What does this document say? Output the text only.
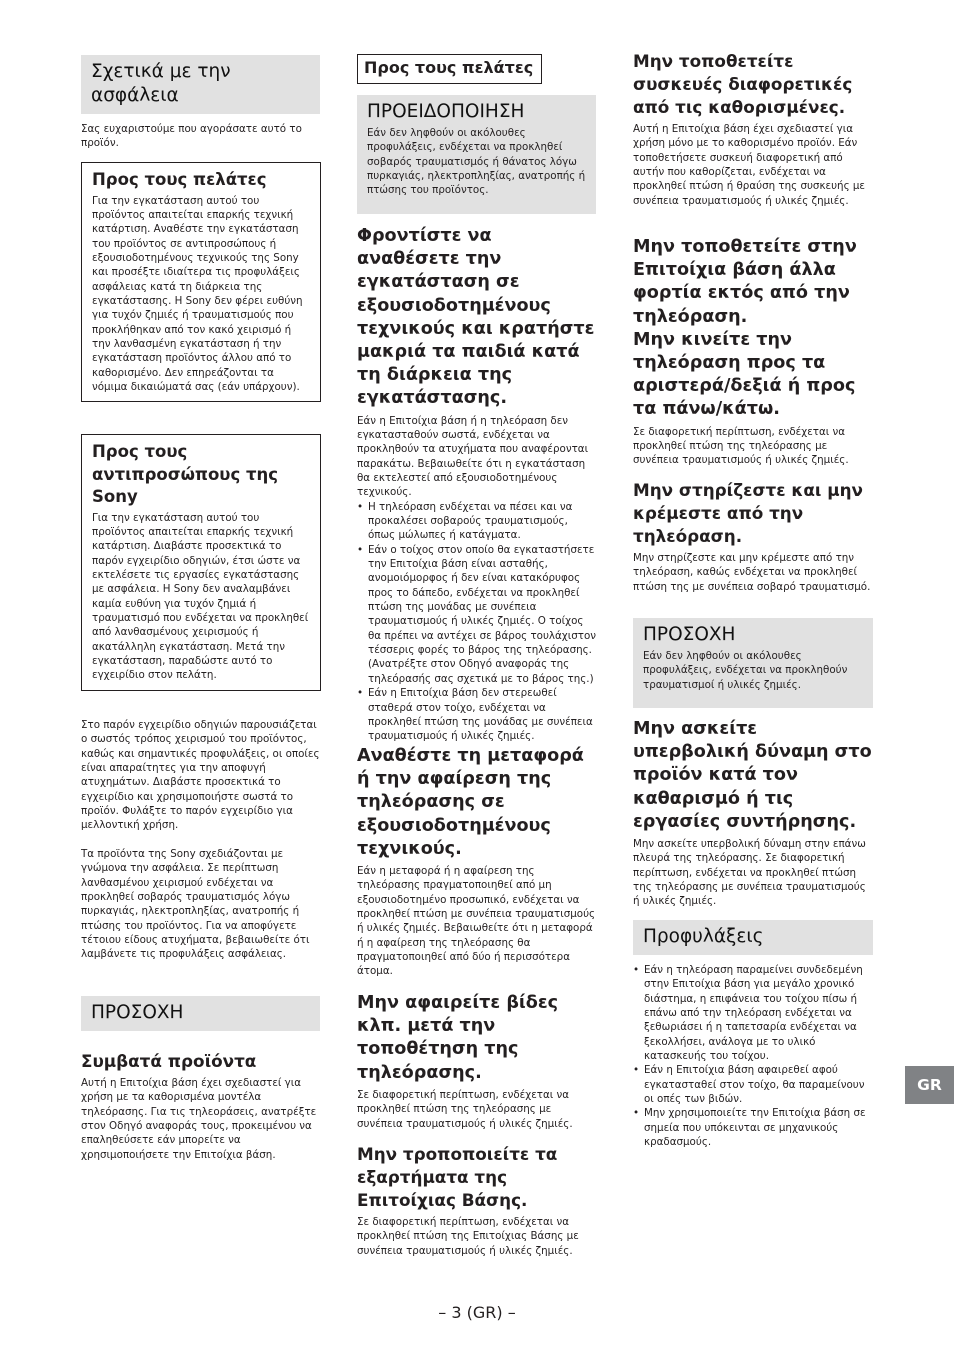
Σχετικά με την ασφάλεια

Σας ευχαριστούμε που αγοράσατε αυτό το προϊόν.

Προς τους πελάτες

Για την εγκατάσταση αυτού του προϊόντος απαιτείται επαρκής τεχνική κατάρτιση. Αναθέστε την εγκατάσταση του προϊόντος σε αντιπροσώπους ή εξουσιοδοτημένους τεχνικούς της Sony και προσέξτε ιδιαίτερα τις προφυλάξεις ασφάλειας κατά τη διάρκεια της εγκατάστασης. Η Sony δεν φέρει ευθύνη για τυχόν ζημιές ή τραυματισμούς που προκλήθηκαν από τον κακό χειρισμό ή την λανθασμένη εγκατάσταση ή την εγκατάσταση προϊόντος άλλου από το καθορισμένο. Δεν επηρεάζονται τα νόμιμα δικαιώματά σας (εάν υπάρχουν).

Προς τους αντιπροσώπους της Sony

Για την εγκατάσταση αυτού του προϊόντος απαιτείται επαρκής τεχνική κατάρτιση. Διαβάστε προσεκτικά το παρόν εγχειρίδιο οδηγιών, έτσι ώστε να εκτελέσετε τις εργασίες εγκατάστασης με ασφάλεια. Η Sony δεν αναλαμβάνει καμία ευθύνη για τυχόν ζημιά ή τραυματισμό που ενδέχεται να προκληθεί από λανθασμένους χειρισμούς ή ακατάλληλη εγκατάσταση. Μετά την εγκατάσταση, παραδώστε αυτό το εγχειρίδιο στον πελάτη.

Στο παρόν εγχειρίδιο οδηγιών παρουσιάζεται ο σωστός τρόπος χειρισμού του προϊόντος, καθώς και σημαντικές προφυλάξεις, οι οποίες είναι απαραίτητες για την αποφυγή ατυχημάτων. Διαβάστε προσεκτικά το εγχειρίδιο και χρησιμοποιήστε σωστά το προϊόν. Φυλάξτε το παρόν εγχειρίδιο για μελλοντική χρήση.

Τα προϊόντα της Sony σχεδιάζονται με γνώμονα την ασφάλεια. Σε περίπτωση λανθασμένου χειρισμού ενδέχεται να προκληθεί σοβαρός τραυματισμός λόγω πυρκαγιάς, ηλεκτροπληξίας, ανατροπής ή πτώσης του προϊόντος. Για να αποφύγετε τέτοιου είδους ατυχήματα, βεβαιωθείτε ότι λαμβάνετε τις προφυλάξεις ασφάλειας.

ΠΡΟΣΟΧΗ
Συμβατά προϊόντα

Αυτή η Επιτοίχια βάση έχει σχεδιαστεί για χρήση με τα καθορισμένα μοντέλα τηλεόρασης. Για τις τηλεοράσεις, ανατρέξτε στον Οδηγό αναφοράς τους, προκειμένου να επαληθεύσετε εάν μπορείτε να χρησιμοποιήσετε την Επιτοίχια βάση.

Προς τους πελάτες
ΠΡΟΕΙΔΟΠΟΙΗΣΗ

Εάν δεν ληφθούν οι ακόλουθες προφυλάξεις, ενδέχεται να προκληθεί σοβαρός τραυματισμός ή θάνατος λόγω πυρκαγιάς, ηλεκτροπληξίας, ανατροπής ή πτώσης του προϊόντος.

Φροντίστε να αναθέσετε την εγκατάσταση σε εξουσιοδοτημένους τεχνικούς και κρατήστε μακριά τα παιδιά κατά τη διάρκεια της εγκατάστασης.

Εάν η Επιτοίχια βάση ή η τηλεόραση δεν εγκατασταθούν σωστά, ενδέχεται να προκληθούν τα ατυχήματα που αναφέρονται παρακάτω. Βεβαιωθείτε ότι η εγκατάσταση θα εκτελεστεί από εξουσιοδοτημένους τεχνικούς.

• Η τηλεόραση ενδέχεται να πέσει και να προκαλέσει σοβαρούς τραυματισμούς, όπως μώλωπες ή κατάγματα.
• Εάν ο τοίχος στον οποίο θα εγκαταστήσετε την Επιτοίχια βάση είναι ασταθής, ανομοιόμορφος ή δεν είναι κατακόρυφος προς το δάπεδο, ενδέχεται να προκληθεί πτώση της μονάδας με συνέπεια τραυματισμούς ή υλικές ζημιές. Ο τοίχος θα πρέπει να αντέχει σε βάρος τουλάχιστον τέσσερις φορές το βάρος της τηλεόρασης. (Ανατρέξτε στον Οδηγό αναφοράς της τηλεόρασής σας σχετικά με το βάρος της.)
• Εάν η Επιτοίχια βάση δεν στερεωθεί σταθερά στον τοίχο, ενδέχεται να προκληθεί πτώση της μονάδας με συνέπεια τραυματισμούς ή υλικές ζημιές.
Αναθέστε τη μεταφορά ή την αφαίρεση της τηλεόρασης σε εξουσιοδοτημένους τεχνικούς.

Εάν η μεταφορά ή η αφαίρεση της τηλεόρασης πραγματοποιηθεί από μη εξουσιοδοτημένο προσωπικό, ενδέχεται να προκληθεί πτώση με συνέπεια τραυματισμούς ή υλικές ζημιές. Βεβαιωθείτε ότι η μεταφορά ή η αφαίρεση της τηλεόρασης θα πραγματοποιηθεί από δύο ή περισσότερα άτομα.

Μην αφαιρείτε βίδες κλπ. μετά την τοποθέτηση της τηλεόρασης.

Σε διαφορετική περίπτωση, ενδέχεται να προκληθεί πτώση της τηλεόρασης με συνέπεια τραυματισμούς ή υλικές ζημιές.

Μην τροποποιείτε τα εξαρτήματα της Επιτοίχιας Βάσης.

Σε διαφορετική περίπτωση, ενδέχεται να προκληθεί πτώση της Επιτοίχιας Βάσης με συνέπεια τραυματισμούς ή υλικές ζημιές.

Μην τοποθετείτε συσκευές διαφορετικές από τις καθορισμένες.

Αυτή η Επιτοίχια βάση έχει σχεδιαστεί για χρήση μόνο με το καθορισμένο προϊόν. Εάν τοποθετήσετε συσκευή διαφορετική από αυτήν που καθορίζεται, ενδέχεται να προκληθεί πτώση ή θραύση της συσκευής με συνέπεια τραυματισμούς ή υλικές ζημιές.

Μην τοποθετείτε στην Επιτοίχια βάση άλλα φορτία εκτός από την τηλεόραση.
Μην κινείτε την τηλεόραση προς τα αριστερά/δεξιά ή προς τα πάνω/κάτω.

Σε διαφορετική περίπτωση, ενδέχεται να προκληθεί πτώση της τηλεόρασης με συνέπεια τραυματισμούς ή υλικές ζημιές.

Μην στηρίζεστε και μην κρέμεστε από την τηλεόραση.

Μην στηρίζεστε και μην κρέμεστε από την τηλεόραση, καθώς ενδέχεται να προκληθεί πτώση της με συνέπεια σοβαρό τραυματισμό.

ΠΡΟΣΟΧΗ

Εάν δεν ληφθούν οι ακόλουθες προφυλάξεις, ενδέχεται να προκληθούν τραυματισμοί ή υλικές ζημιές.

Μην ασκείτε υπερβολική δύναμη στο προϊόν κατά τον καθαρισμό ή τις εργασίες συντήρησης.

Μην ασκείτε υπερβολική δύναμη στην επάνω πλευρά της τηλεόρασης. Σε διαφορετική περίπτωση, ενδέχεται να προκληθεί πτώση της τηλεόρασης με συνέπεια τραυματισμούς ή υλικές ζημιές.

Προφυλάξεις
• Εάν η τηλεόραση παραμείνει συνδεδεμένη στην Επιτοίχια βάση για μεγάλο χρονικό διάστημα, η επιφάνεια του τοίχου πίσω ή επάνω από την τηλεόραση ενδέχεται να ξεθωριάσει ή η ταπετσαρία ενδέχεται να ξεκολλήσει, ανάλογα με το υλικό κατασκευής του τοίχου.
• Εάν η Επιτοίχια βάση αφαιρεθεί αφού εγκατασταθεί στον τοίχο, θα παραμείνουν οι οπές των βιδών.
• Μην χρησιμοποιείτε την Επιτοίχια βάση σε σημεία που υπόκεινται σε μηχανικούς κραδασμούς.
GR
– 3 (GR) –
